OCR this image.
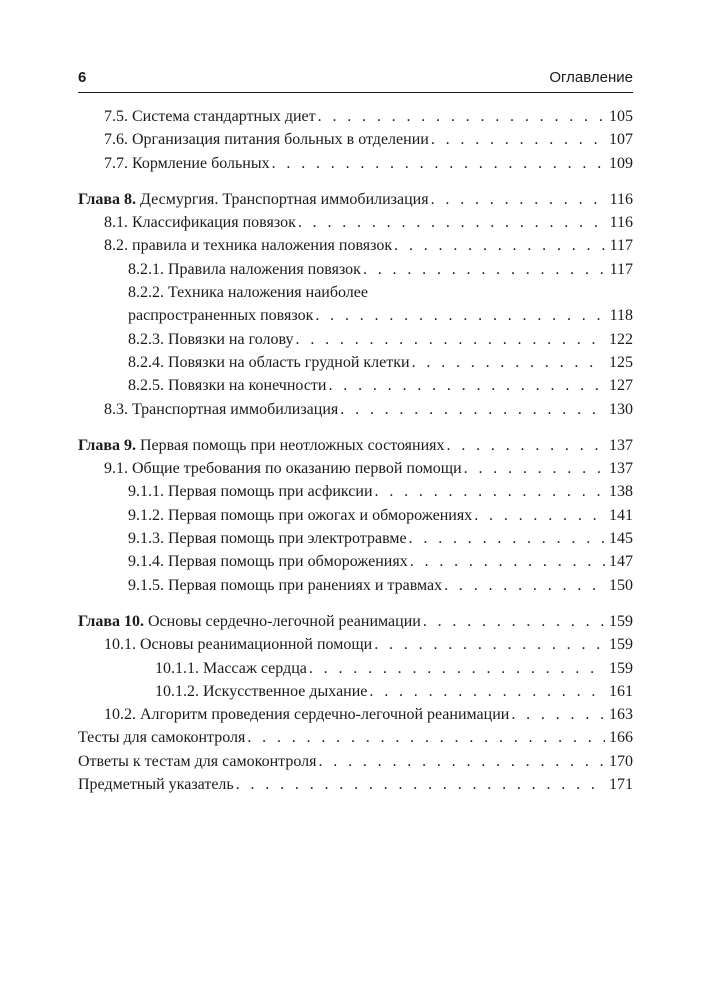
6	Оглавление
7.5. Система стандартных диет . . .	105
7.6. Организация питания больных в отделении . . .	107
7.7. Кормление больных . . .	109
Глава 8. Десмургия. Транспортная иммобилизация . . .	116
8.1. Классификация повязок . . .	116
8.2. правила и техника наложения повязок . . .	117
8.2.1. Правила наложения повязок . . .	117
8.2.2. Техника наложения наиболее
распространенных повязок . . .	118
8.2.3. Повязки на голову . . .	122
8.2.4. Повязки на область грудной клетки . . .	125
8.2.5. Повязки на конечности . . .	127
8.3. Транспортная иммобилизация . . .	130
Глава 9. Первая помощь при неотложных состояниях . . .	137
9.1. Общие требования по оказанию первой помощи . . .	137
9.1.1. Первая помощь при асфиксии . . .	138
9.1.2. Первая помощь при ожогах и обморожениях . . .	141
9.1.3. Первая помощь при электротравме . . .	145
9.1.4. Первая помощь при обморожениях . . .	147
9.1.5. Первая помощь при ранениях и травмах . . .	150
Глава 10. Основы сердечно-легочной реанимации . . .	159
10.1. Основы реанимационной помощи . . .	159
10.1.1. Массаж сердца . . .	159
10.1.2. Искусственное дыхание . . .	161
10.2. Алгоритм проведения сердечно-легочной реанимации . . .	163
Тесты для самоконтроля . . .	166
Ответы к тестам для самоконтроля . . .	170
Предметный указатель . . .	171
